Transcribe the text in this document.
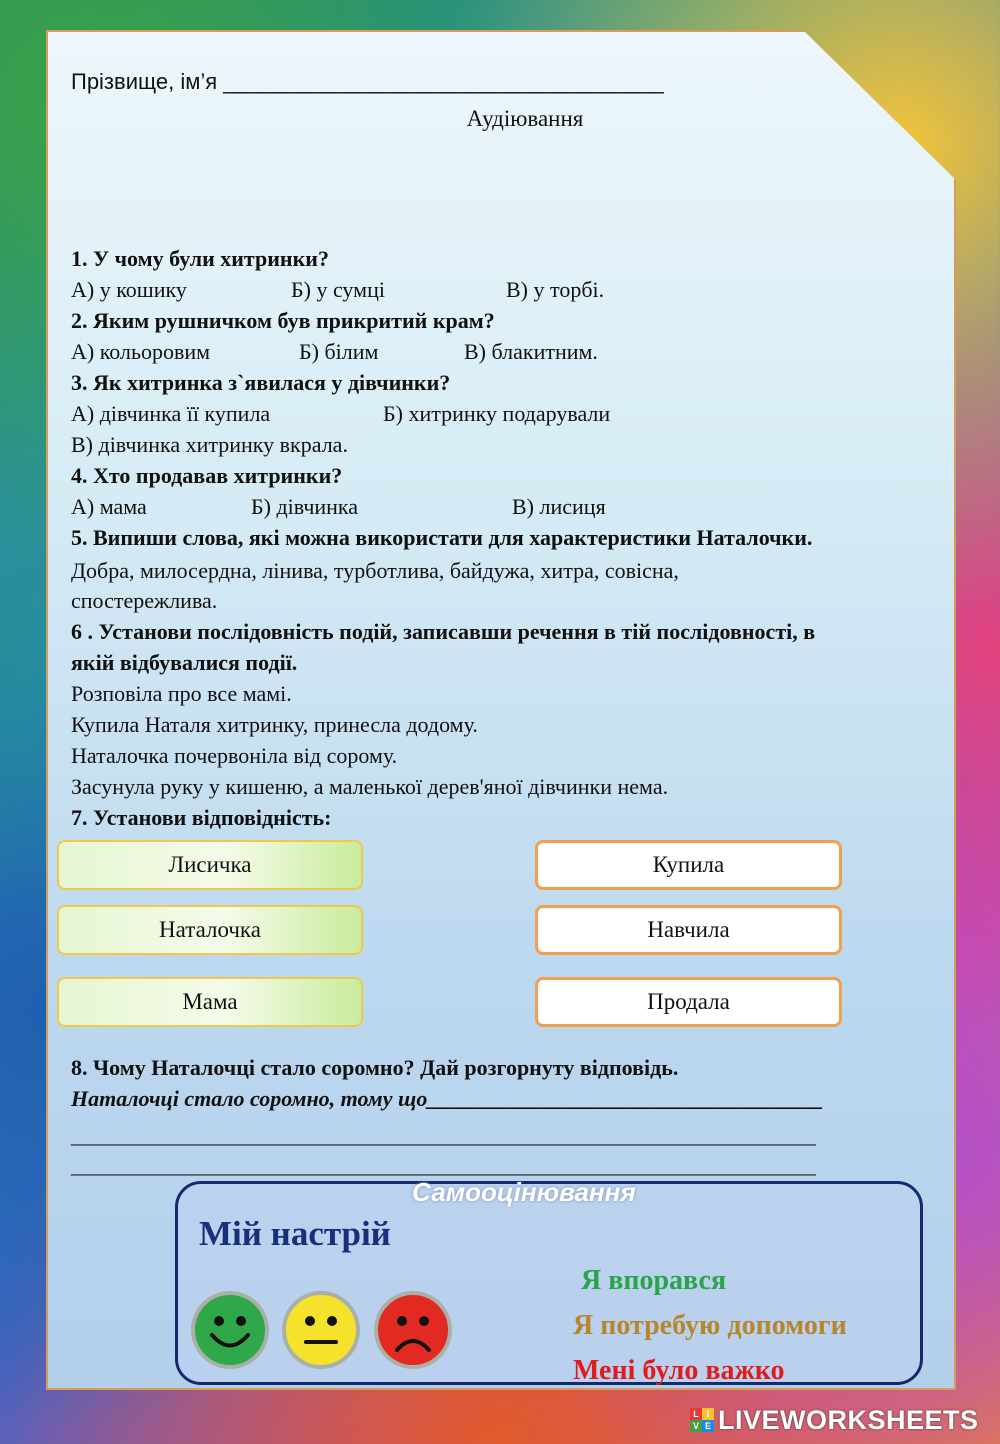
Прізвище, ім’я ____________________________________
Аудіювання
1. У чому були хитринки?
А) у кошику	Б) у сумці	В) у торбі.
2. Яким рушничком був прикритий крам?
А) кольоровим	Б) білим	В) блакитним.
3. Як хитринка з`явилася у дівчинки?
А) дівчинка її купила	Б) хитринку подарували
В) дівчинка хитринку вкрала.
4. Хто продавав хитринки?
А) мама	Б) дівчинка	В) лисиця
5. Випиши слова, які можна використати для характеристики Наталочки.
Добра, милосердна, лінива, турботлива, байдужа, хитра, совісна,
спостережлива.
6 . Установи послідовність подій, записавши речення в тій послідовності, в
якій відбувалися події.
Розповіла про все мамі.
Купила Наталя хитринку, принесла додому.
Наталочка почервоніла від сорому.
Засунула руку у кишеню, а маленької дерев'яної дівчинки нема.
7. Установи відповідність:
Лисичка
Наталочка
Мама
Купила
Навчила
Продала
8. Чому Наталочці стало соромно? Дай розгорнуту відповідь.
Наталочці стало соромно, тому що____________________________________
_____________________________________________________________________
_____________________________________________________________________
Самооцінювання
Мій настрій
Я впорався
Я потребую допомоги
Мені було важко
L I
V E LIVEWORKSHEETS
